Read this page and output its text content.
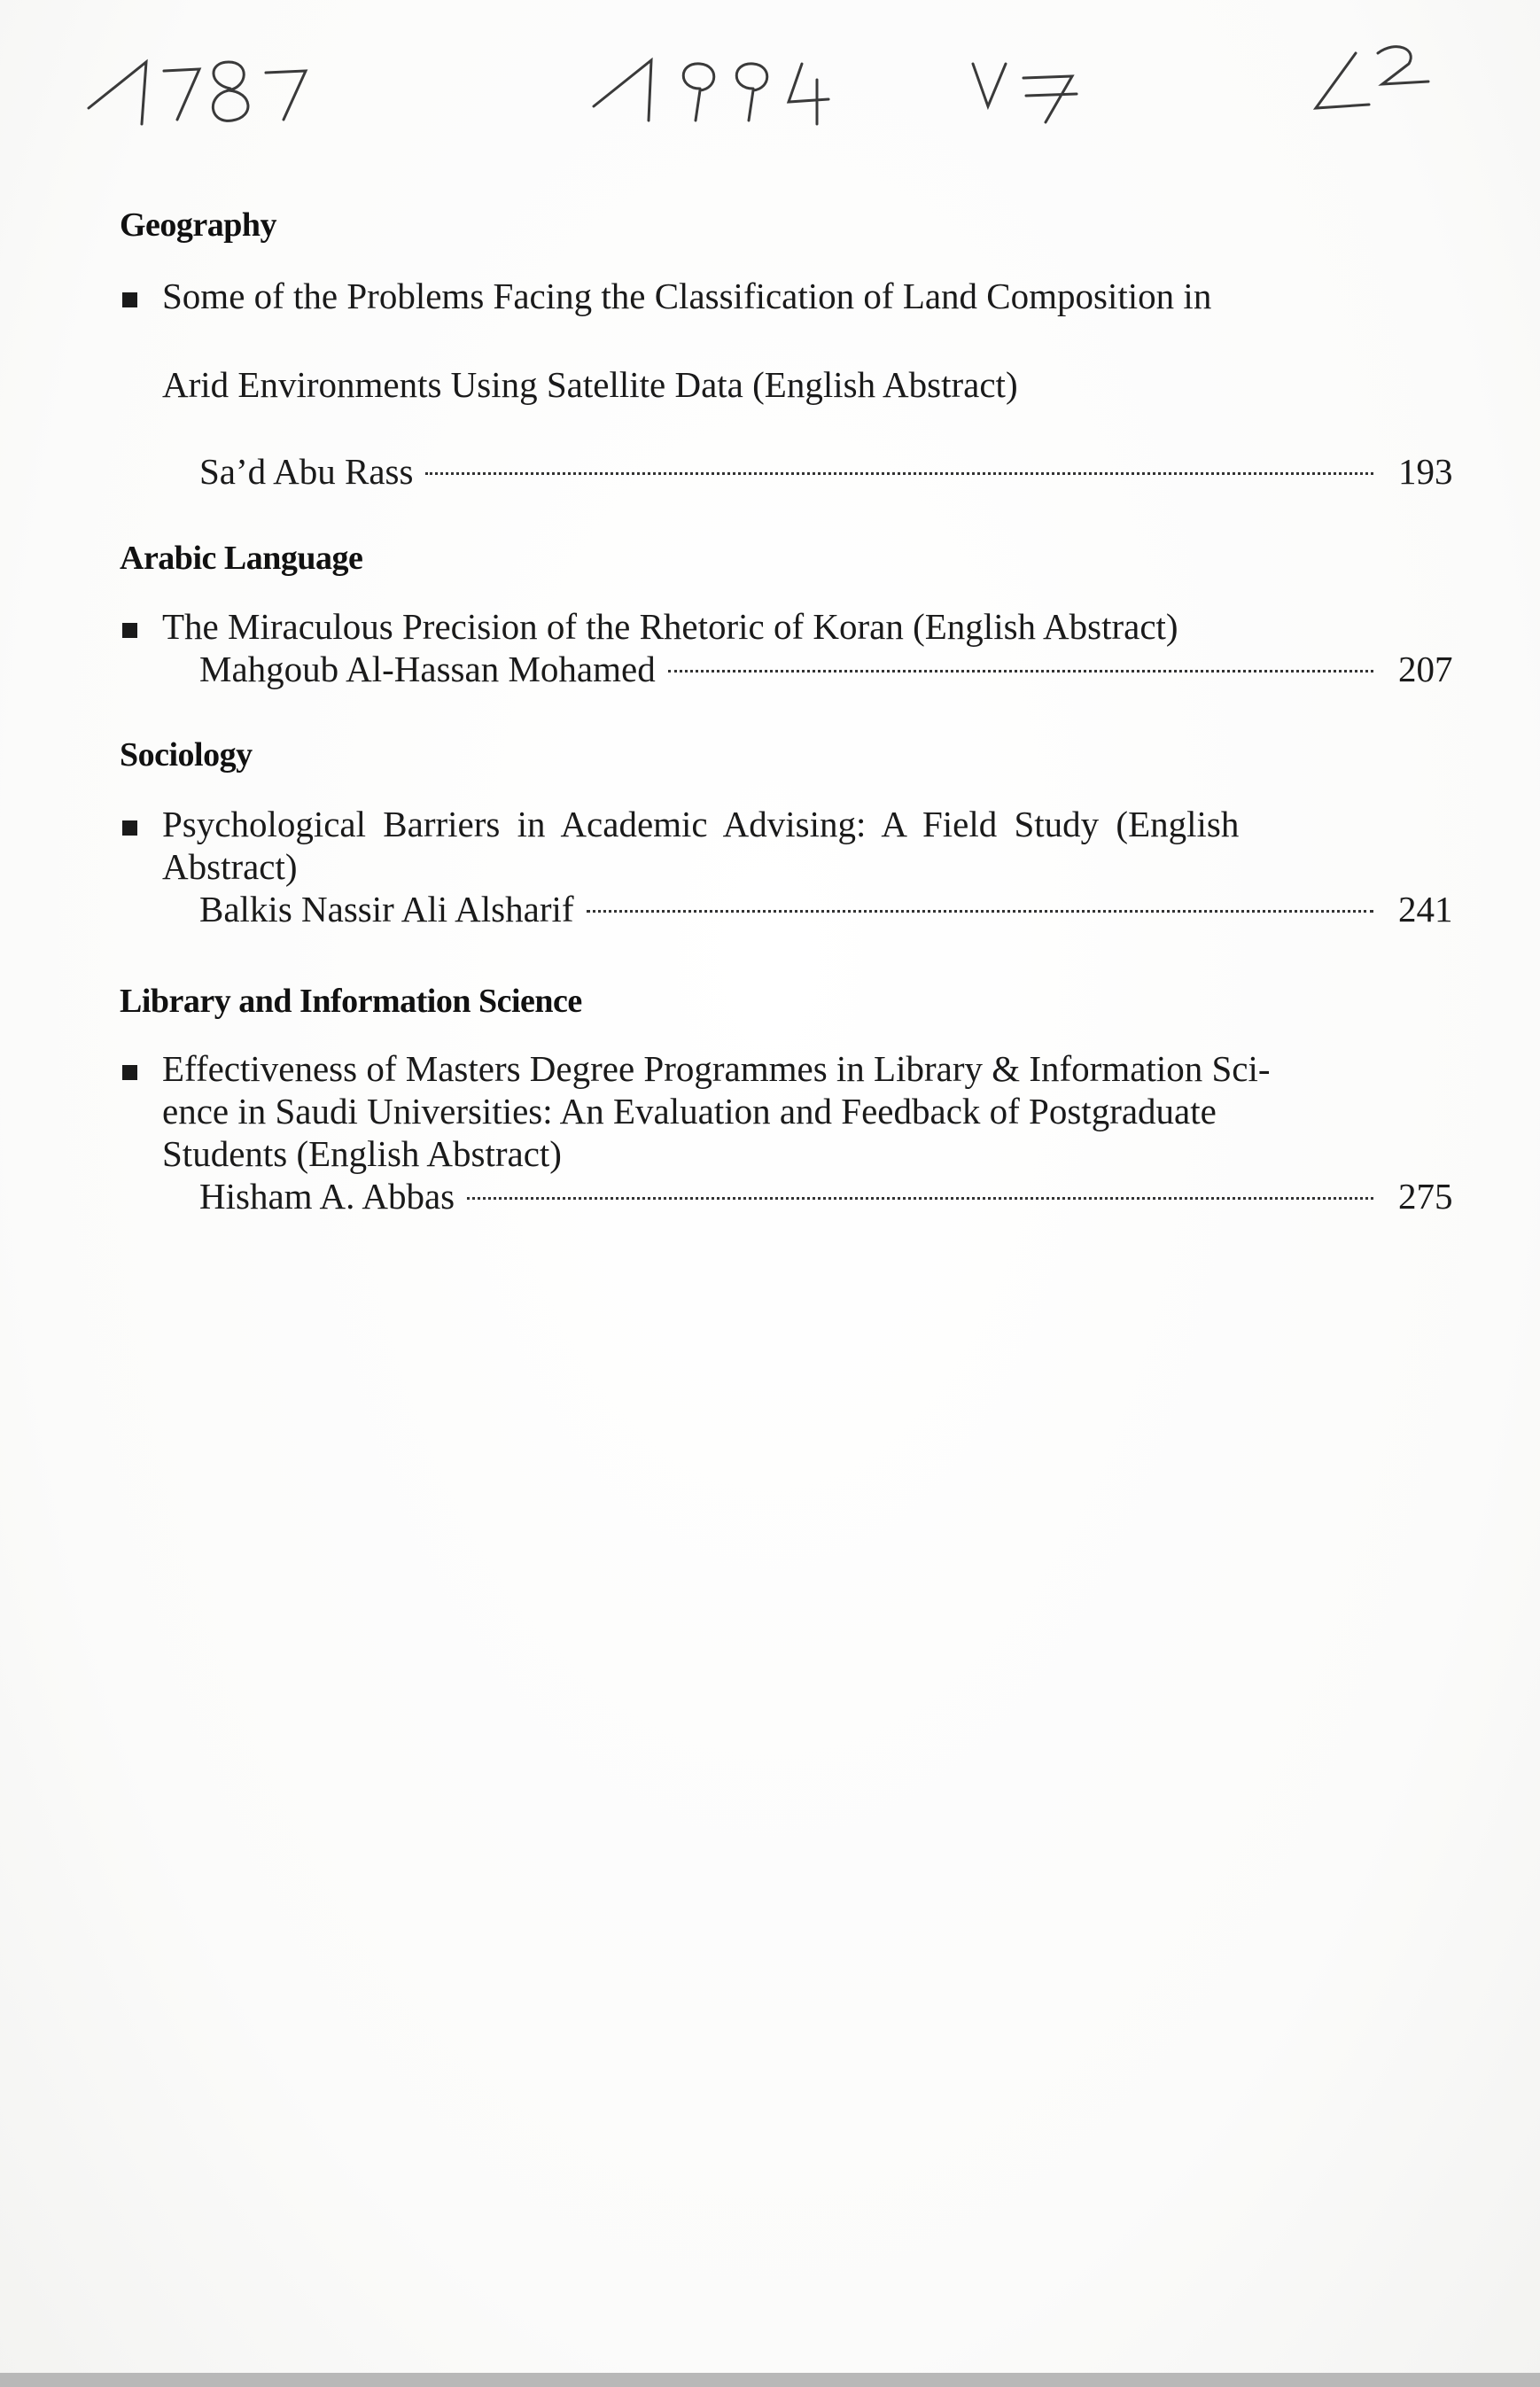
Geography
Some of the Problems Facing the Classification of Land Composition in
Arid Environments Using Satellite Data (English Abstract)
Sa’d Abu Rass	193
Arabic Language
The Miraculous Precision of the Rhetoric of Koran (English Abstract)
Mahgoub Al-Hassan Mohamed	207
Sociology
Psychological Barriers in Academic Advising: A Field Study (English
Abstract)
Balkis Nassir Ali Alsharif	241
Library and Information Science
Effectiveness of Masters Degree Programmes in Library & Information Sci-
ence in Saudi Universities: An Evaluation and Feedback of Postgraduate
Students (English Abstract)
Hisham A. Abbas	275
